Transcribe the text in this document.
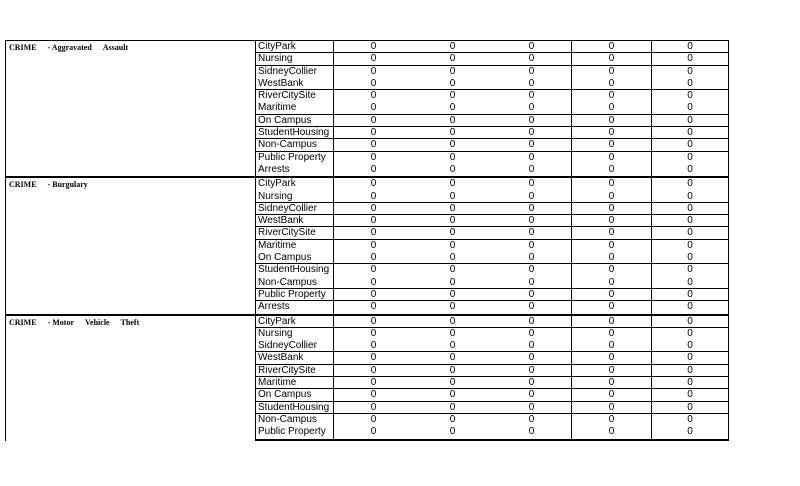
CRIME - Aggravated Assault	CityPark	0	0	0	0	0
Nursing	0	0	0	0	0
SidneyCollier	0	0	0	0	0
WestBank	0	0	0	0	0
RiverCitySite	0	0	0	0	0
Maritime	0	0	0	0	0
On Campus	0	0	0	0	0
StudentHousing	0	0	0	0	0
Non-Campus	0	0	0	0	0
Public Property	0	0	0	0	0
Arrests	0	0	0	0	0
CRIME - Burgulary	CityPark	0	0	0	0	0
Nursing	0	0	0	0	0
SidneyCollier	0	0	0	0	0
WestBank	0	0	0	0	0
RiverCitySite	0	0	0	0	0
Maritime	0	0	0	0	0
On Campus	0	0	0	0	0
StudentHousing	0	0	0	0	0
Non-Campus	0	0	0	0	0
Public Property	0	0	0	0	0
Arrests	0	0	0	0	0
CRIME - Motor Vehicle Theft	CityPark	0	0	0	0	0
Nursing	0	0	0	0	0
SidneyCollier	0	0	0	0	0
WestBank	0	0	0	0	0
RiverCitySite	0	0	0	0	0
Maritime	0	0	0	0	0
On Campus	0	0	0	0	0
StudentHousing	0	0	0	0	0
Non-Campus	0	0	0	0	0
Public Property	0	0	0	0	0
